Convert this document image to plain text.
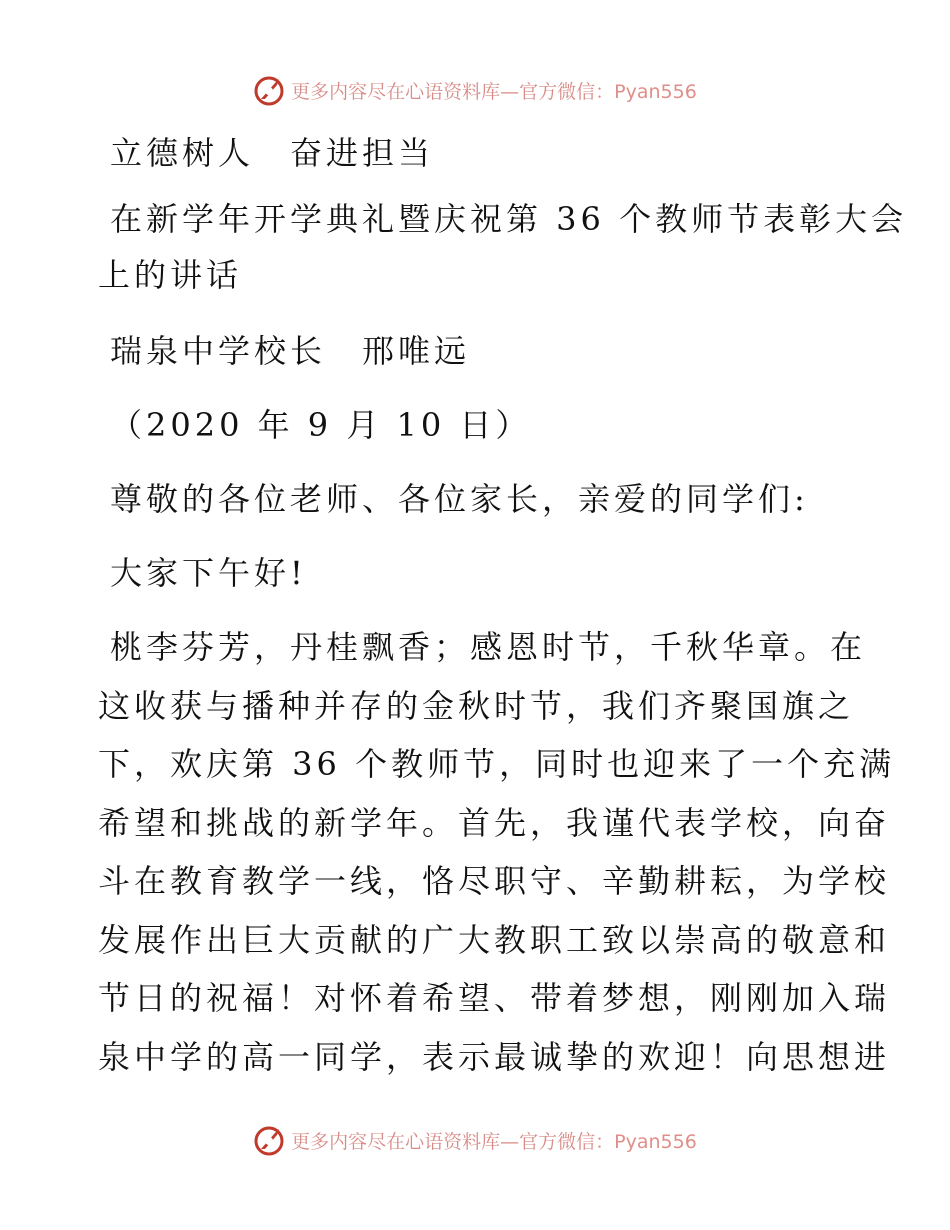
更多内容尽在心语资料库—官方微信：Pyan556

立德树人　奋进担当

在新学年开学典礼暨庆祝第 36 个教师节表彰大会

上的讲话

瑞泉中学校长　邢唯远

（2020 年 9 月 10 日）

尊敬的各位老师、各位家长，亲爱的同学们:

大家下午好!

桃李芬芳，丹桂飘香；感恩时节，千秋华章。在
这收获与播种并存的金秋时节，我们齐聚国旗之
下，欢庆第 36 个教师节，同时也迎来了一个充满
希望和挑战的新学年。首先，我谨代表学校，向奋
斗在教育教学一线，恪尽职守、辛勤耕耘，为学校
发展作出巨大贡献的广大教职工致以崇高的敬意和
节日的祝福！对怀着希望、带着梦想，刚刚加入瑞
泉中学的高一同学，表示最诚挚的欢迎！向思想进
更多内容尽在心语资料库—官方微信：Pyan556
